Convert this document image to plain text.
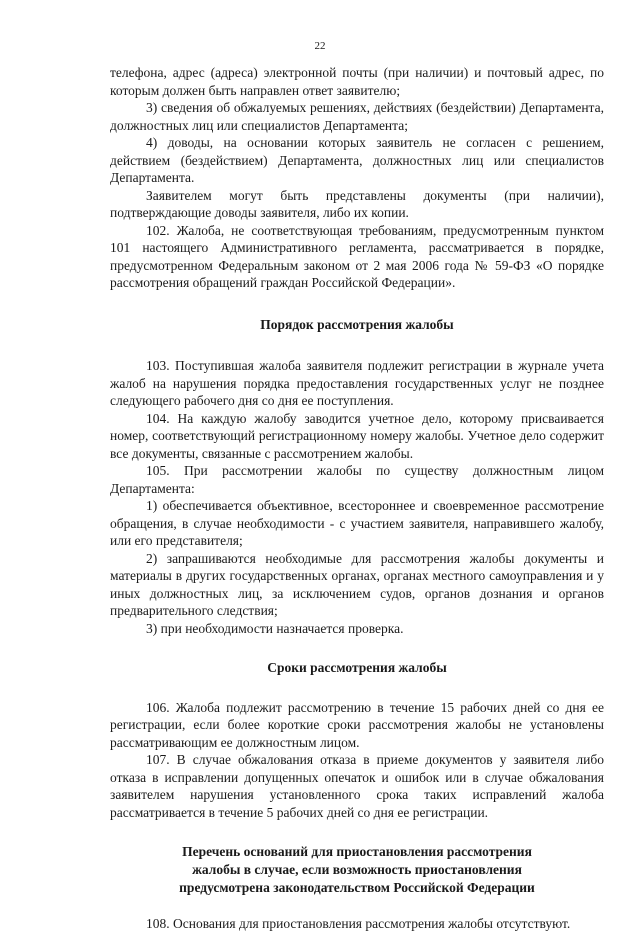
22

телефона, адрес (адреса) электронной почты (при наличии) и почтовый адрес, по которым должен быть направлен ответ заявителю;

3) сведения об обжалуемых решениях, действиях (бездействии) Департамента, должностных лиц или специалистов Департамента;

4) доводы, на основании которых заявитель не согласен с решением, действием (бездействием) Департамента, должностных лиц или специалистов Департамента.

Заявителем могут быть представлены документы (при наличии), подтверждающие доводы заявителя, либо их копии.

102. Жалоба, не соответствующая требованиям, предусмотренным пунктом 101 настоящего Административного регламента, рассматривается в порядке, предусмотренном Федеральным законом от 2 мая 2006 года № 59-ФЗ «О порядке рассмотрения обращений граждан Российской Федерации».

Порядок рассмотрения жалобы

103. Поступившая жалоба заявителя подлежит регистрации в журнале учета жалоб на нарушения порядка предоставления государственных услуг не позднее следующего рабочего дня со дня ее поступления.

104. На каждую жалобу заводится учетное дело, которому присваивается номер, соответствующий регистрационному номеру жалобы. Учетное дело содержит все документы, связанные с рассмотрением жалобы.

105. При рассмотрении жалобы по существу должностным лицом Департамента:

1) обеспечивается объективное, всестороннее и своевременное рассмотрение обращения, в случае необходимости - с участием заявителя, направившего жалобу, или его представителя;

2) запрашиваются необходимые для рассмотрения жалобы документы и материалы в других государственных органах, органах местного самоуправления и у иных должностных лиц, за исключением судов, органов дознания и органов предварительного следствия;

3) при необходимости назначается проверка.

Сроки рассмотрения жалобы

106. Жалоба подлежит рассмотрению в течение 15 рабочих дней со дня ее регистрации, если более короткие сроки рассмотрения жалобы не установлены рассматривающим ее должностным лицом.

107. В случае обжалования отказа в приеме документов у заявителя либо отказа в исправлении допущенных опечаток и ошибок или в случае обжалования заявителем нарушения установленного срока таких исправлений жалоба рассматривается в течение 5 рабочих дней со дня ее регистрации.

Перечень оснований для приостановления рассмотрения
жалобы в случае, если возможность приостановления
предусмотрена законодательством Российской Федерации

108. Основания для приостановления рассмотрения жалобы отсутствуют.
